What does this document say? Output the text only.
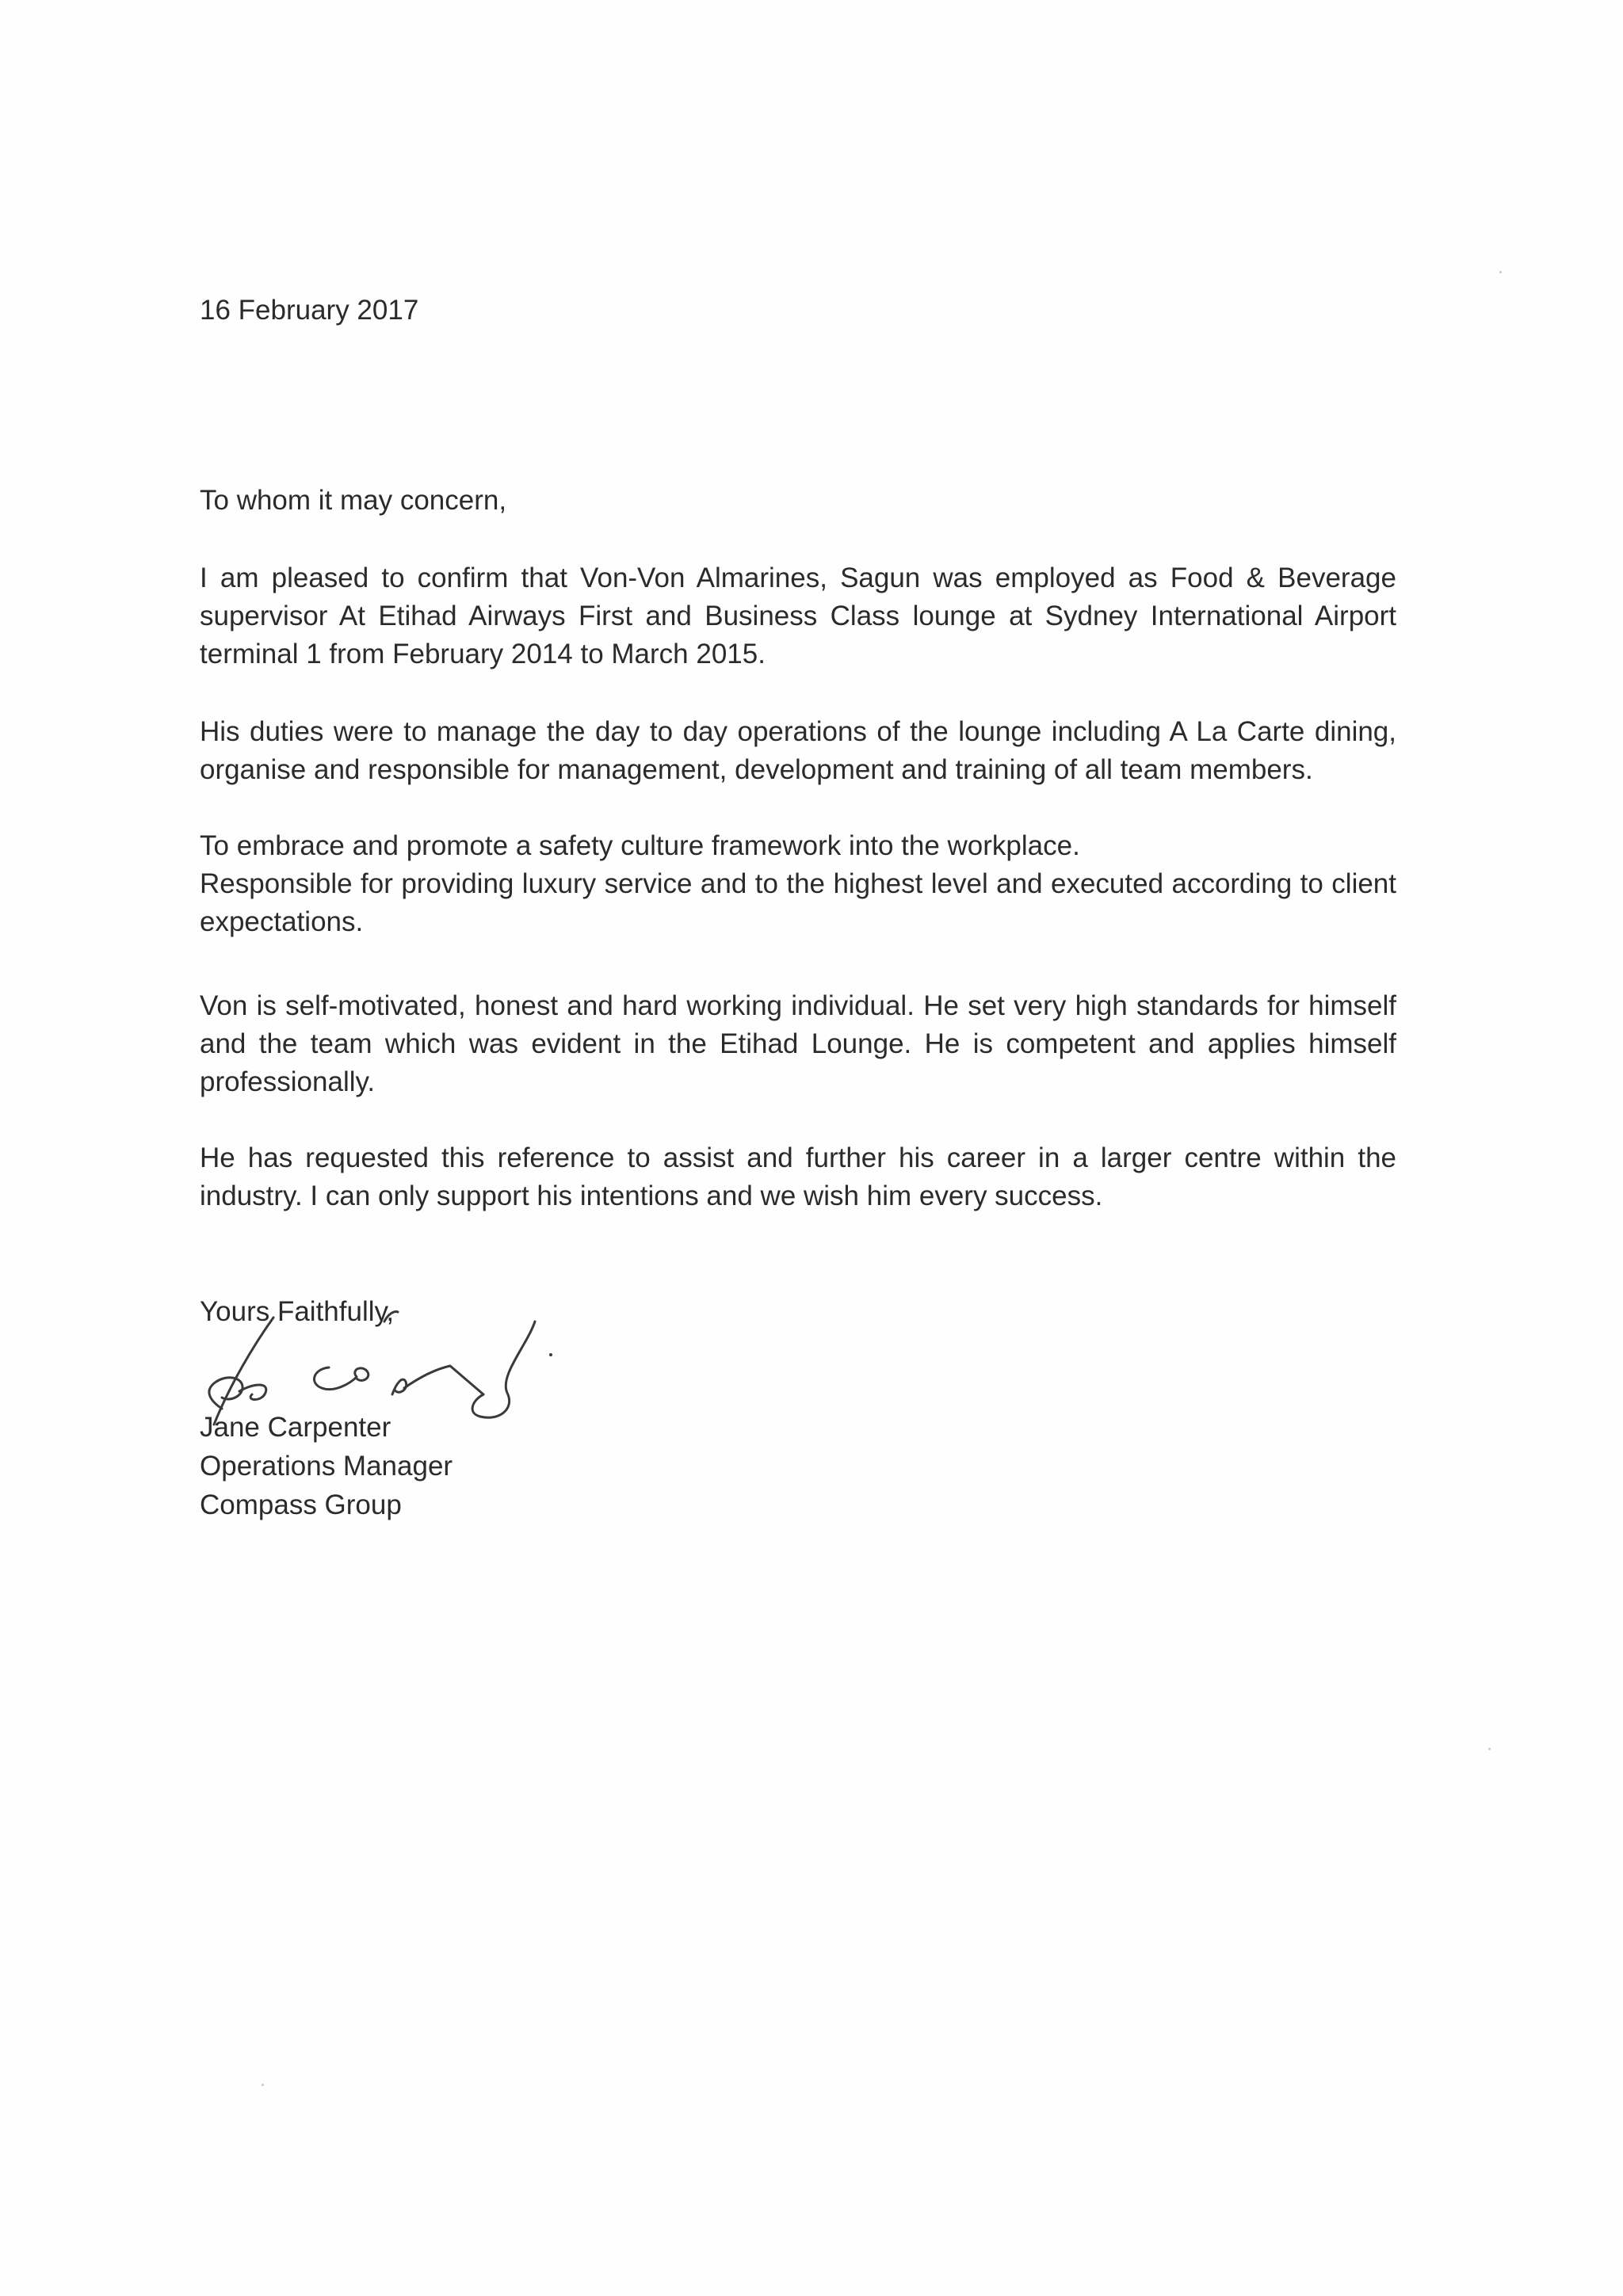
16 February 2017

To whom it may concern,

I am pleased to confirm that Von-Von Almarines, Sagun was employed as Food & Beverage supervisor At Etihad Airways First and Business Class lounge at Sydney International Airport terminal 1 from February 2014 to March 2015.

His duties were to manage the day to day operations of the lounge including A La Carte dining, organise and responsible for management, development and training of all team members.

To embrace and promote a safety culture framework into the workplace.

Responsible for providing luxury service and to the highest level and executed according to client expectations.

Von is self-motivated, honest and hard working individual. He set very high standards for himself and the team which was evident in the Etihad Lounge. He is competent and applies himself professionally.

He has requested this reference to assist and further his career in a larger centre within the industry. I can only support his intentions and we wish him every success.

Yours Faithfully,

Jane Carpenter

Operations Manager

Compass Group
